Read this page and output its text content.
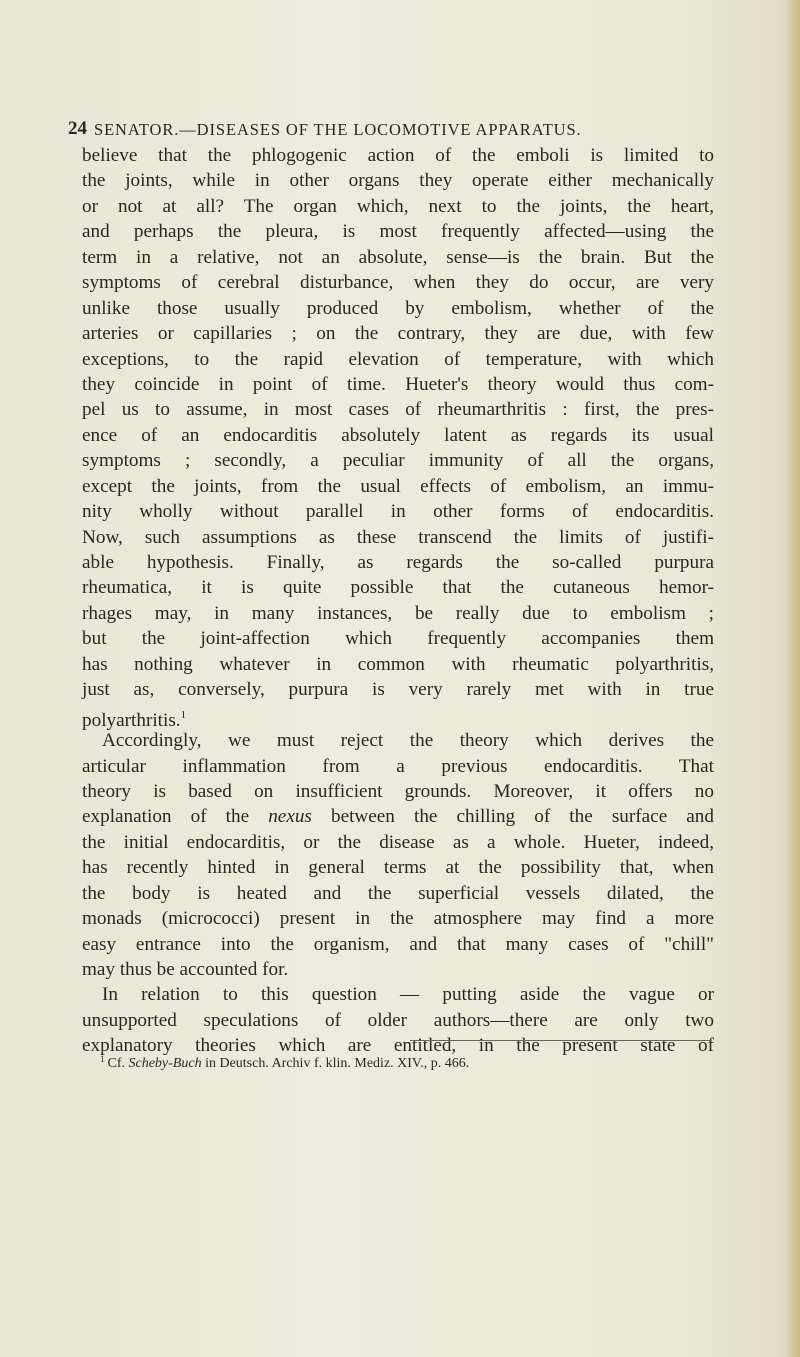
24 SENATOR.—DISEASES OF THE LOCOMOTIVE APPARATUS.
believe that the phlogogenic action of the emboli is limited to
the joints, while in other organs they operate either mechanically
or not at all? The organ which, next to the joints, the heart,
and perhaps the pleura, is most frequently affected—using the
term in a relative, not an absolute, sense—is the brain. But the
symptoms of cerebral disturbance, when they do occur, are very
unlike those usually produced by embolism, whether of the
arteries or capillaries ; on the contrary, they are due, with few
exceptions, to the rapid elevation of temperature, with which
they coincide in point of time. Hueter's theory would thus com-
pel us to assume, in most cases of rheumarthritis : first, the pres-
ence of an endocarditis absolutely latent as regards its usual
symptoms ; secondly, a peculiar immunity of all the organs,
except the joints, from the usual effects of embolism, an immu-
nity wholly without parallel in other forms of endocarditis.
Now, such assumptions as these transcend the limits of justifi-
able hypothesis. Finally, as regards the so-called purpura
rheumatica, it is quite possible that the cutaneous hemor-
rhages may, in many instances, be really due to embolism ;
but the joint-affection which frequently accompanies them
has nothing whatever in common with rheumatic polyarthritis,
just as, conversely, purpura is very rarely met with in true
polyarthritis.$^1$
Accordingly, we must reject the theory which derives the
articular inflammation from a previous endocarditis. That
theory is based on insufficient grounds. Moreover, it offers no
explanation of the nexus between the chilling of the surface and
the initial endocarditis, or the disease as a whole. Hueter, indeed,
has recently hinted in general terms at the possibility that, when
the body is heated and the superficial vessels dilated, the
monads (micrococci) present in the atmosphere may find a more
easy entrance into the organism, and that many cases of "chill"
may thus be accounted for.
In relation to this question — putting aside the vague or
unsupported speculations of older authors—there are only two
explanatory theories which are entitled, in the present state of
$^1$ Cf. Scheby-Buch in Deutsch. Archiv f. klin. Mediz. XIV., p. 466.
